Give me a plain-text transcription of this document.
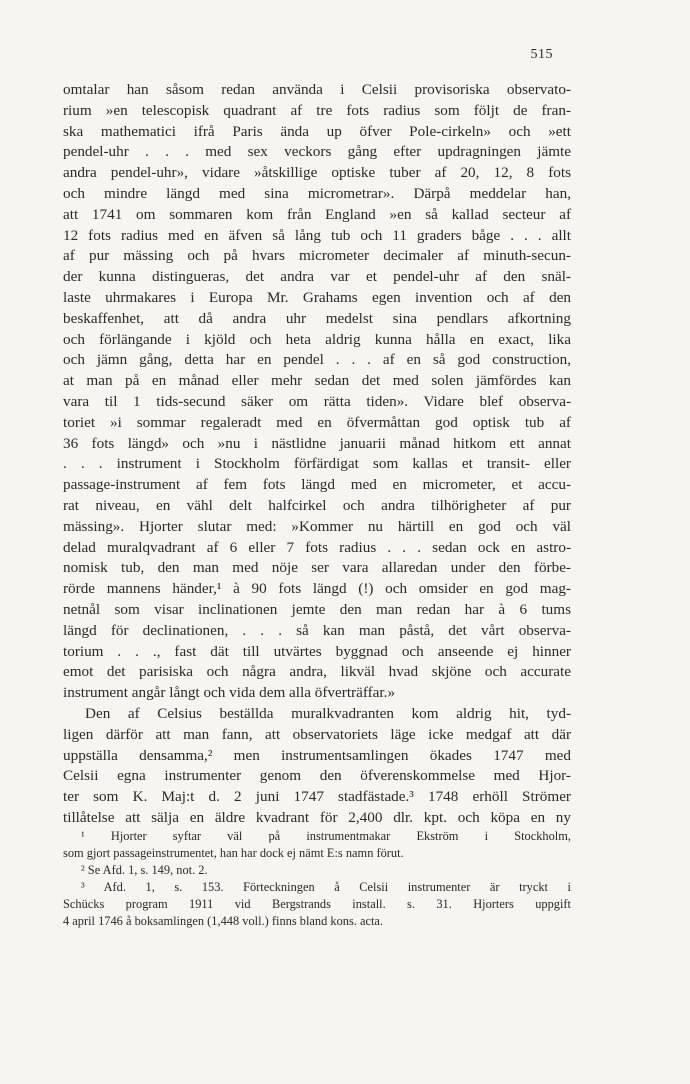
515
omtalar han såsom redan använda i Celsii provisoriska observato-
rium »en telescopisk quadrant af tre fots radius som följt de fran-
ska mathematici ifrå Paris ända up öfver Pole-cirkeln» och »ett
pendel-uhr . . . med sex veckors gång efter updragningen jämte
andra pendel-uhr», vidare »åtskillige optiske tuber af 20, 12, 8 fots
och mindre längd med sina micrometrar». Därpå meddelar han,
att 1741 om sommaren kom från England »en så kallad secteur af
12 fots radius med en äfven så lång tub och 11 graders båge . . . allt
af pur mässing och på hvars micrometer decimaler af minuth-secun-
der kunna distingueras, det andra var et pendel-uhr af den snäl-
laste uhrmakares i Europa Mr. Grahams egen invention och af den
beskaffenhet, att då andra uhr medelst sina pendlars afkortning
och förlängande i kjöld och heta aldrig kunna hålla en exact, lika
och jämn gång, detta har en pendel . . . af en så god construction,
at man på en månad eller mehr sedan det med solen jämfördes kan
vara til 1 tids-secund säker om rätta tiden». Vidare blef observa-
toriet »i sommar regaleradt med en öfvermåttan god optisk tub af
36 fots längd» och »nu i nästlidne januarii månad hitkom ett annat
. . . instrument i Stockholm förfärdigat som kallas et transit- eller
passage-instrument af fem fots längd med en micrometer, et accu-
rat niveau, en vähl delt halfcirkel och andra tilhörigheter af pur
mässing». Hjorter slutar med: »Kommer nu härtill en god och väl
delad muralqvadrant af 6 eller 7 fots radius . . . sedan ock en astro-
nomisk tub, den man med nöje ser vara allaredan under den förbe-
rörde mannens händer,¹ à 90 fots längd (!) och omsider en god mag-
netnål som visar inclinationen jemte den man redan har à 6 tums
längd för declinationen, . . . så kan man påstå, det vårt observa-
torium . . ., fast dät till utvärtes byggnad och anseende ej hinner
emot det parisiska och några andra, likväl hvad skjöne och accurate
instrument angår långt och vida dem alla öfverträffar.»
Den af Celsius beställda muralkvadranten kom aldrig hit, tyd-
ligen därför att man fann, att observatoriets läge icke medgaf att där
uppställa densamma,² men instrumentsamlingen ökades 1747 med
Celsii egna instrumenter genom den öfverenskommelse med Hjor-
ter som K. Maj:t d. 2 juni 1747 stadfästade.³ 1748 erhöll Strömer
tillåtelse att sälja en äldre kvadrant för 2,400 dlr. kpt. och köpa en ny
¹ Hjorter syftar väl på instrumentmakar Ekström i Stockholm,
som gjort passageinstrumentet, han har dock ej nämt E:s namn förut.
² Se Afd. 1, s. 149, not. 2.
³ Afd. 1, s. 153. Förteckningen å Celsii instrumenter är tryckt i
Schücks program 1911 vid Bergstrands install. s. 31. Hjorters uppgift
4 april 1746 å boksamlingen (1,448 voll.) finns bland kons. acta.
